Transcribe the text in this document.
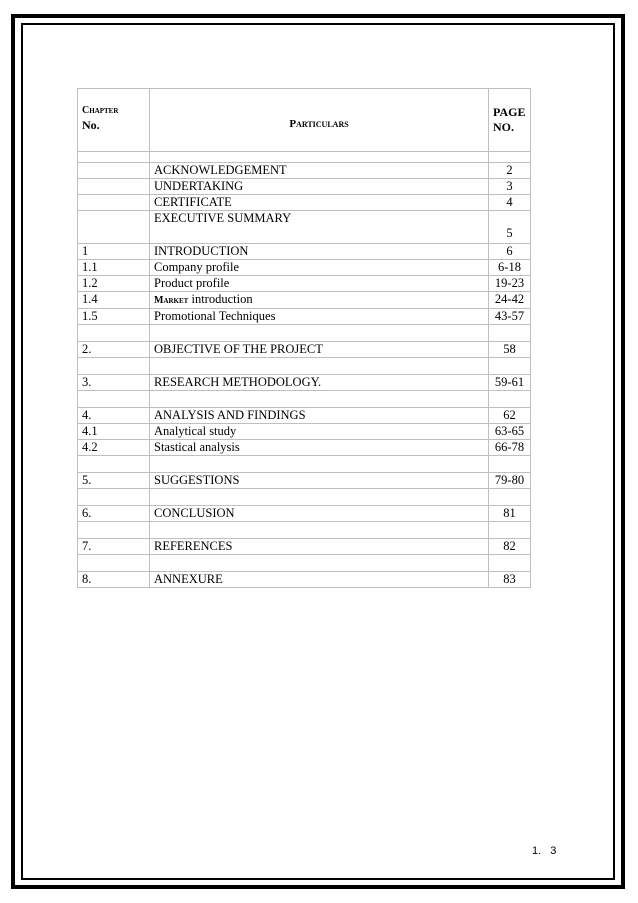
Chapter
No.	Particulars	PAGE
NO.

	ACKNOWLEDGEMENT	2
	UNDERTAKING	3
	CERTIFICATE	4
	EXECUTIVE SUMMARY	5
1	INTRODUCTION	6
1.1	Company profile	6-18
1.2	Product profile	19-23
1.4	Market introduction	24-42
1.5	Promotional Techniques	43-57

2.	OBJECTIVE OF THE PROJECT	58

3.	RESEARCH METHODOLOGY.	59-61

4.	ANALYSIS AND FINDINGS	62
4.1	Analytical study	63-65
4.2	Stastical analysis	66-78

5.	SUGGESTIONS	79-80

6.	CONCLUSION	81

7.	REFERENCES	82

8.	ANNEXURE	83
1. 3
